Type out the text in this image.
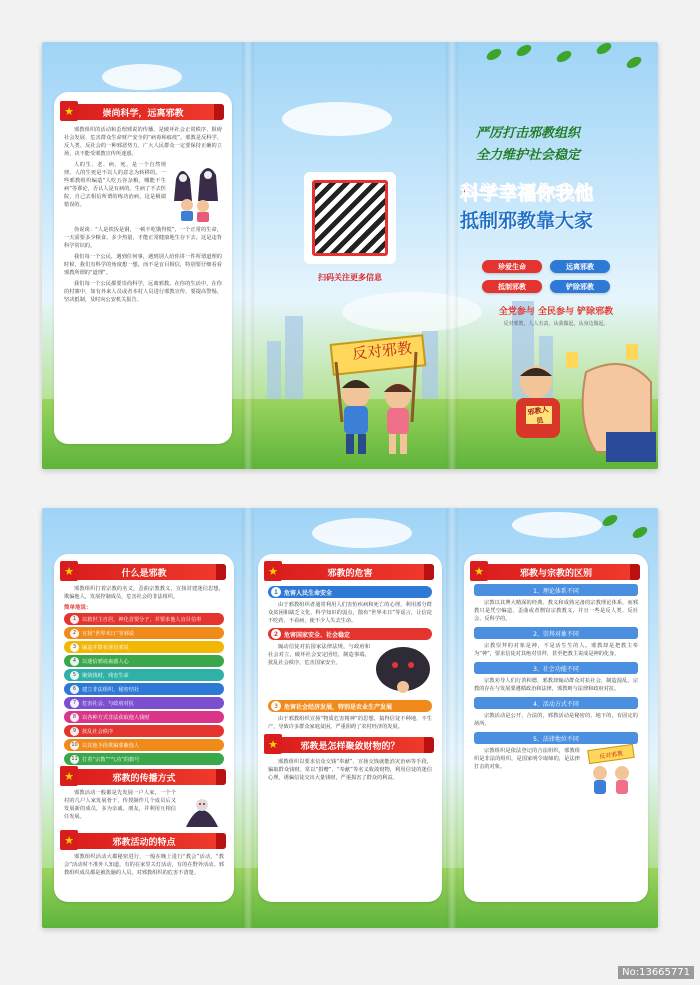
★	崇尚科学，远离邪教

邪教组织的活动和歪理邪说的传播，是破坏社会正常秩序、阻碍社会发展、危害群众生命财产安全的“病毒和瘟疫”。邪教是反科学、反人类、反社会的一种邪恶势力，广大人民群众一定要保持正确的立场，决不能受邪教宣传所迷惑。

人的生、老、病、死，是一个自然规律。人的生死是不以人的意志为转移的。一些邪教组织编造“人吃五谷杂粮，哪能不生病”等谬论，否认人是有病的。生病了不去医院，自己去相信所谓的练功治病，这是极端错误的。

伪说谈：“人是铁饭是钢，一顿不吃饿得慌”，一个正常的生命，一天需要多少粮食、多少热量，才能正常健康地生存下去。这是违背科学常识的。

我们每一个公民，遇到任何事，遇到别人给你讲一件所谓道理的时候，我们有科学的角度想一想，而不是盲目相信，特别要仔细看看邪教所谓的“道理”。

我们每一个公民都要崇尚科学，远离邪教。在你的生活中，在你的村寨中，如有外来人员或者本村人员进行邪教宣传，要提高警惕，坚决抵制，及时向公安机关报告。

扫码关注更多信息
反对邪教
严厉打击邪教组织
全力维护社会稳定
科学幸福你我他
抵制邪教靠大家
珍爱生命	远离邪教
抵制邪教	铲除邪教
全党参与 全民参与 铲除邪教
反对邪教，人人有责。从我做起，从身边做起。
邪教人员
★	什么是邪教

邪教组织打着宗教的名义，歪曲宗教教义，宣扬封建迷信思想，欺骗他人，发展控制成员，危害社会的非法组织。

简单地说：
1	以救世主自居，神化首要分子，并要求他人盲目信奉
2	宣扬“世界末日”等邪说
3	编造并散布迷信邪说
4	以迷信邪说蛊惑人心
5	聚敛钱财，残害生命
6	建立非法组织，秘密结社
7	危害社会、与政府对抗
8	以各种方式非法获取他人钱财
9	扰乱社会秩序
10 以其他手段欺骗蒙蔽他人
11 打着“宗教”“气功”的旗号
★	邪教的传播方式

邪教活动一般都是先发展一户人家，一个个村的几户人家发展骨干，传授制作几个成员后又发展新的成员，多为亲戚、朋友，并利用互相信任发展。

★	邪教活动的特点

邪教组织活动大都秘密进行，一般在晚上进行“教会”活动，“教会”活动时不准外人知道，有的在家里关灯活动，有的在野外活动。邪教组织成员都是被洗脑的人员，对邪教组织的危害不清楚。

★	邪教的危害
1 危害人民生命安全

由于邪教组织者通常利用人们害怕疾病和死亡的心理，利用部分群众贫困和缺乏文化、科学知识的弱点，散布“世界末日”等谣言，让信徒不吃药、不看病，使不少人失去生命。

2 危害国家安全、社会稳定

煽动信徒对抗国家法律法规，与政府和社会对立，破坏社会安定团结，制造事端，扰乱社会秩序，危害国家安全。

3 危害社会经济发展，特别是农业生产发展

由于邪教组织宣扬“物质危害精神”的思想，搞得信徒不种地、不生产，导致许多群众家庭贫困，严重阻碍了农村经济的发展。

★	邪教是怎样聚敛财物的？

邪教组织以要求信众交钱“奉献”、宣扬交钱就能消灾治病等手段，骗取群众钱财。常以“捐赠”、“奉献”等名义收敛财物，利用信徒的迷信心理，诱骗信徒交出大量钱财，严重损害了群众的利益。

★	邪教与宗教的区别
1、理论体系不同

宗教以其博大精深的经典、教义和成熟完备的宗教理论体系，而邪教只是凭空编造、歪曲或者剽窃宗教教义，并且一些是反人类、反社会、反科学的。

2、崇拜对象不同

宗教崇拜的对象是神，不是活生生的人。邪教却是把教主奉为“神”，要求信徒对其绝对崇拜，甚至把教主说成是神的化身。

3、社会功能不同

宗教劝导人们行善积德，邪教却煽动群众对抗社会，制造混乱。宗教的存在与发展要遵循政治和法律，邪教则与法律和政府对抗。

4、活动方式不同

宗教活动是公开，合法的，邪教活动是秘密的、地下的，有固定的场所。

5、法律地位不同

宗教组织是依法登记的合法组织，邪教组织是非法的组织，是国家明令取缔的，是法律打击的对象。

反对邪教
No:13665771
